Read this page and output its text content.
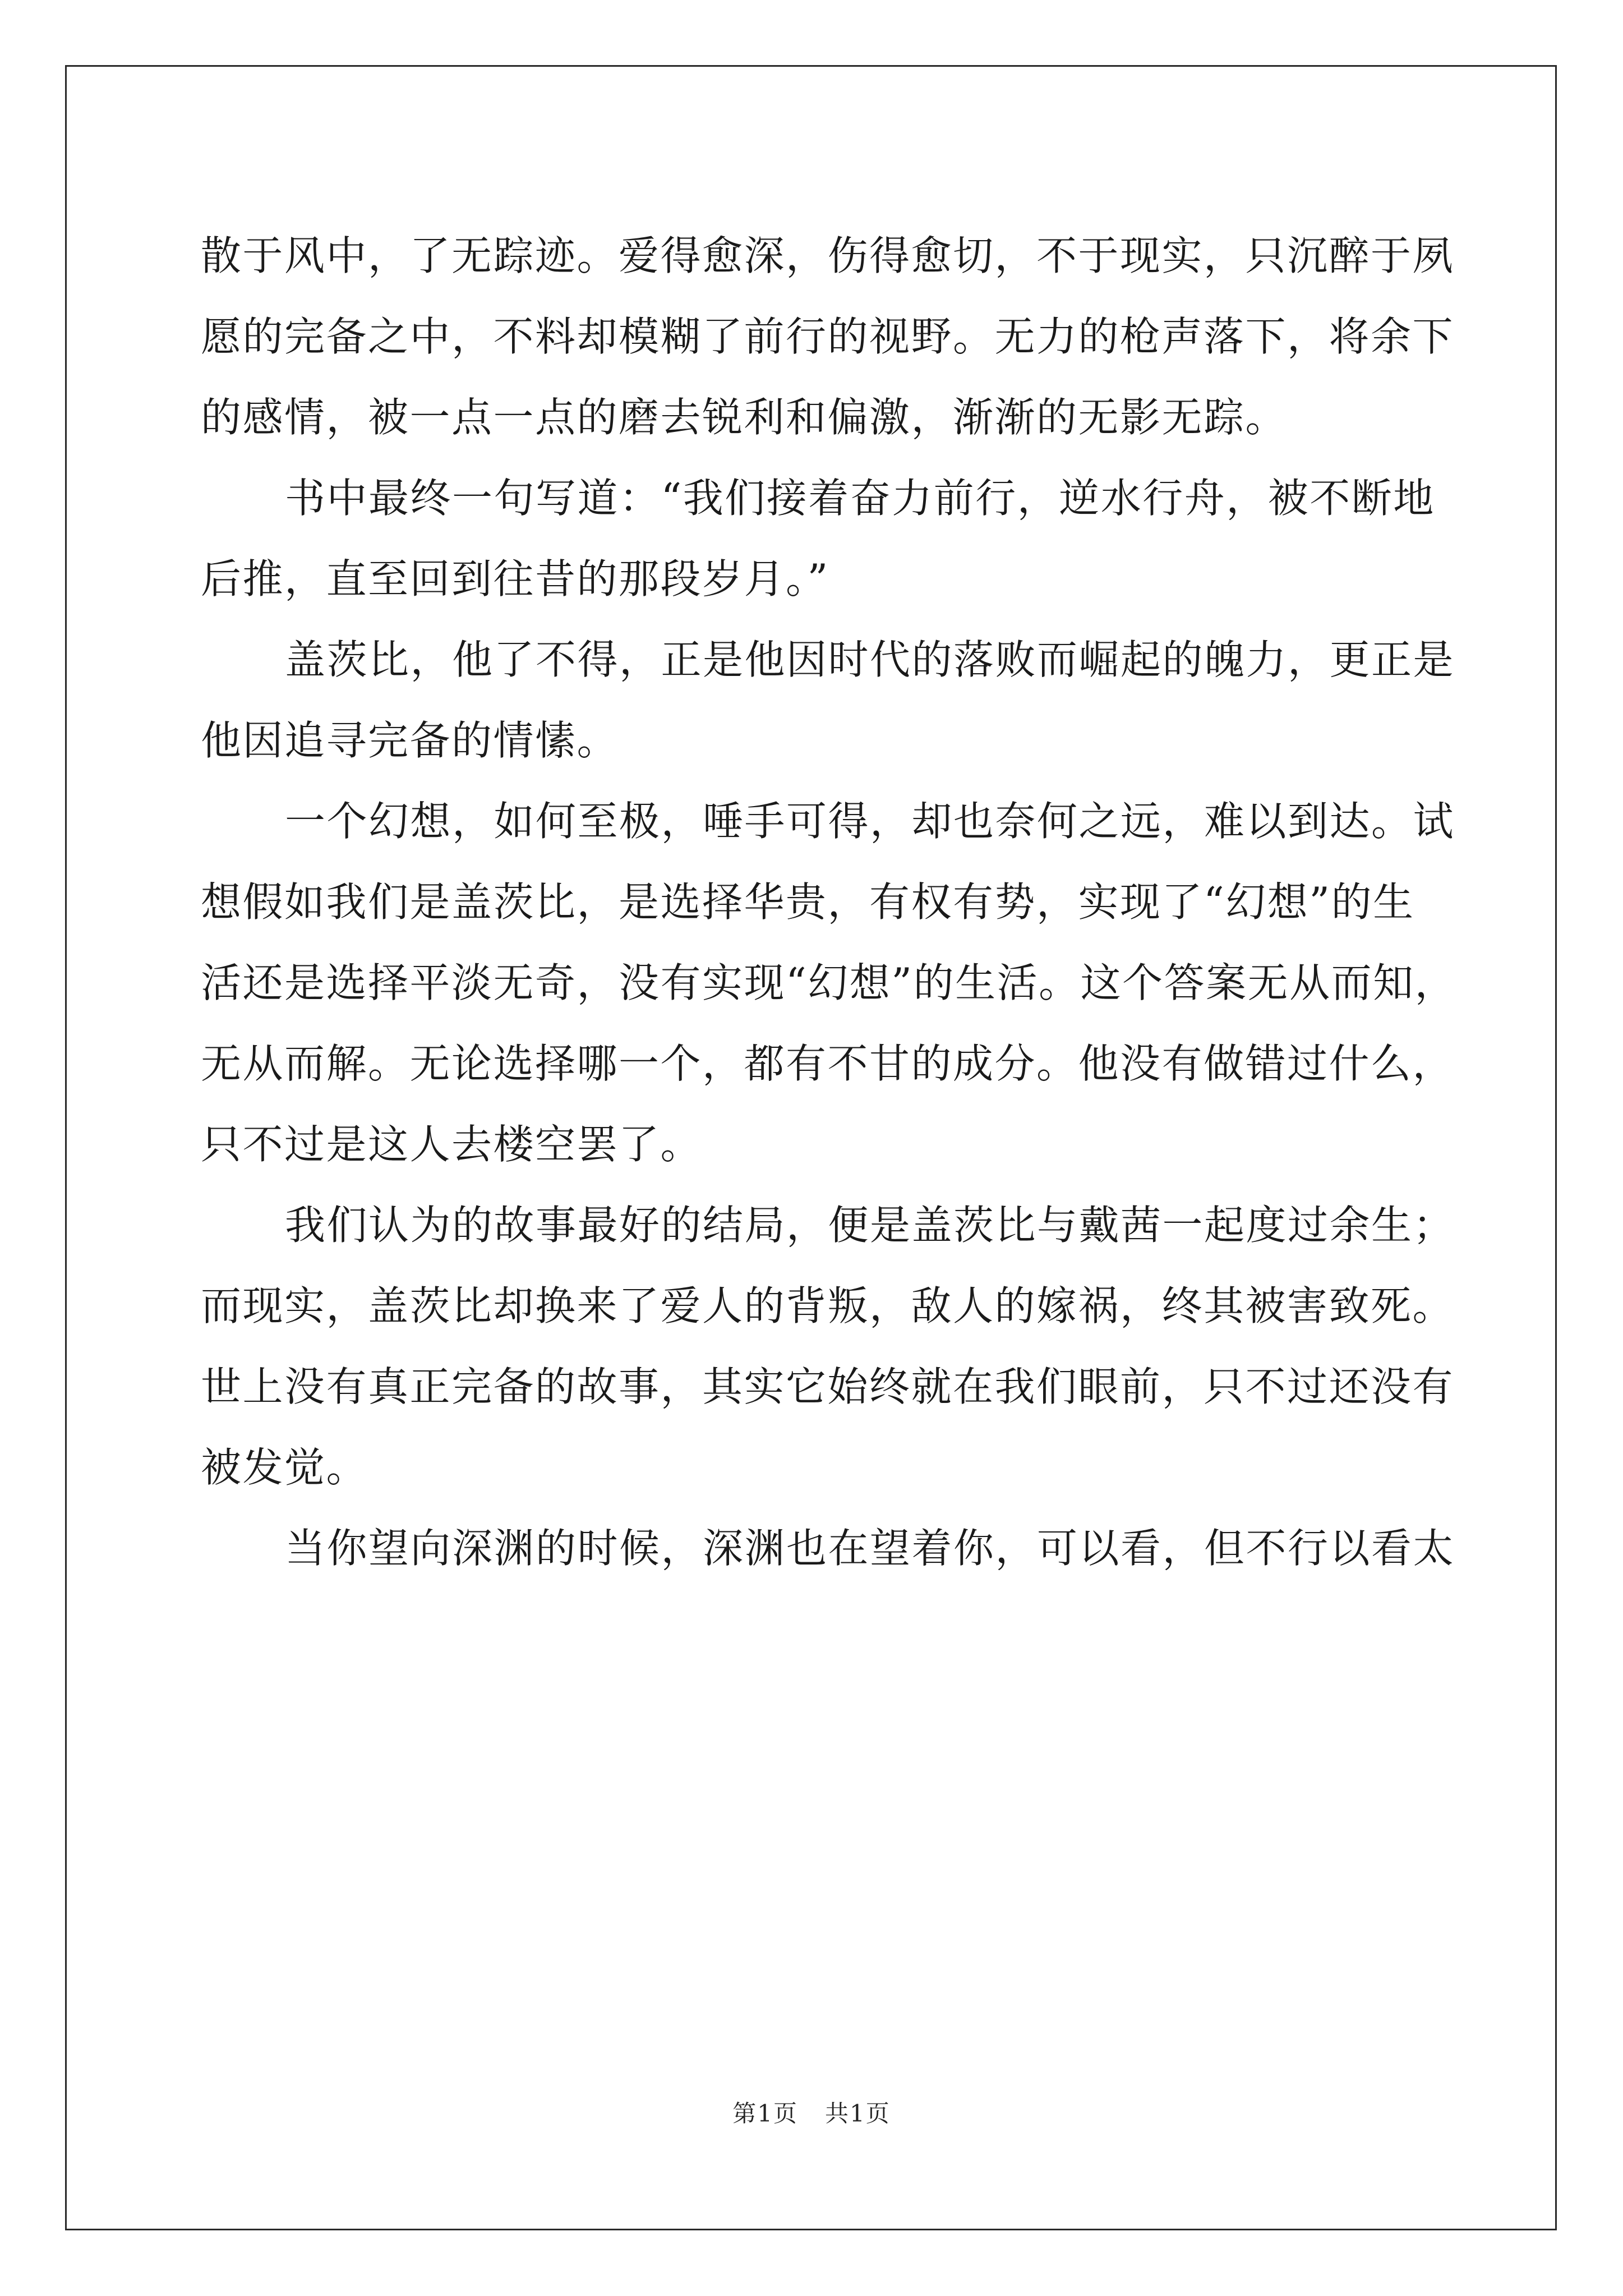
散于风中，了无踪迹。爱得愈深，伤得愈切，不于现实，只沉醉于夙
愿的完备之中，不料却模糊了前行的视野。无力的枪声落下，将余下
的感情，被一点一点的磨去锐利和偏激，渐渐的无影无踪。
书中最终一句写道：“我们接着奋力前行，逆水行舟，被不断地
后推，直至回到往昔的那段岁月。”
盖茨比，他了不得，正是他因时代的落败而崛起的魄力，更正是
他因追寻完备的情愫。
一个幻想，如何至极，唾手可得，却也奈何之远，难以到达。试
想假如我们是盖茨比，是选择华贵，有权有势，实现了“幻想”的生
活还是选择平淡无奇，没有实现“幻想”的生活。这个答案无从而知，
无从而解。无论选择哪一个，都有不甘的成分。他没有做错过什么，
只不过是这人去楼空罢了。
我们认为的故事最好的结局，便是盖茨比与戴茜一起度过余生；
而现实，盖茨比却换来了爱人的背叛，敌人的嫁祸，终其被害致死。
世上没有真正完备的故事，其实它始终就在我们眼前，只不过还没有
被发觉。
当你望向深渊的时候，深渊也在望着你，可以看，但不行以看太
第1页 共1页
